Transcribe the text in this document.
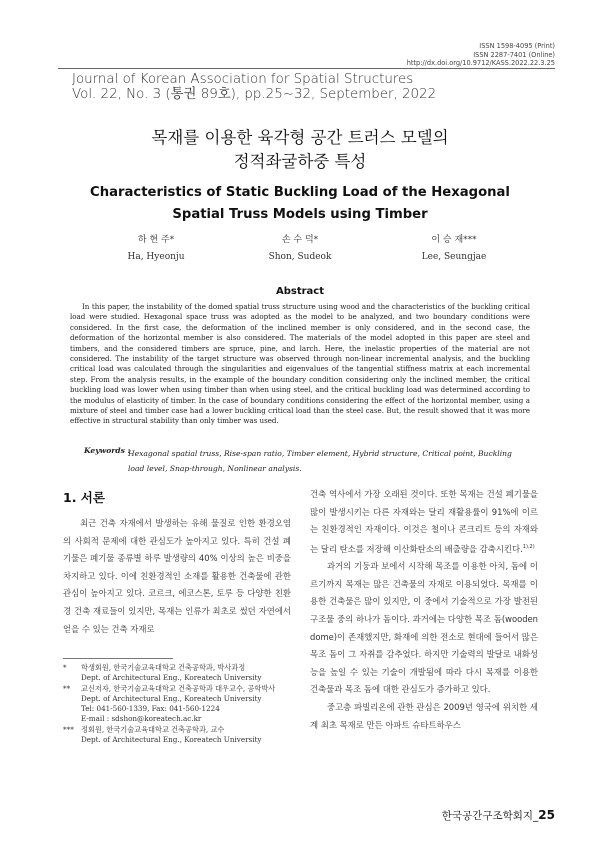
ISSN 1598-4095 (Print)
ISSN 2287-7401 (Online)
http://dx.doi.org/10.9712/KASS.2022.22.3.25
Journal of Korean Association for Spatial Structures
Vol. 22, No. 3 (통권 89호), pp.25~32, September, 2022
목재를 이용한 육각형 공간 트러스 모델의
정적좌굴하중 특성
Characteristics of Static Buckling Load of the Hexagonal
Spatial Truss Models using Timber
하 현 주*
Ha, Hyeonju
손 수 덕*
Shon, Sudeok
이 승 재***
Lee, Seungjae
Abstract
In this paper, the instability of the domed spatial truss structure using wood and the characteristics of the buckling critical load were studied. Hexagonal space truss was adopted as the model to be analyzed, and two boundary conditions were considered. In the first case, the deformation of the inclined member is only considered, and in the second case, the deformation of the horizontal member is also considered. The materials of the model adopted in this paper are steel and timbers, and the considered timbers are spruce, pine, and larch. Here, the inelastic properties of the material are not considered. The instability of the target structure was observed through non-linear incremental analysis, and the buckling critical load was calculated through the singularities and eigenvalues of the tangential stiffness matrix at each incremental step. From the analysis results, in the example of the boundary condition considering only the inclined member, the critical buckling load was lower when using timber than when using steel, and the critical buckling load was determined according to the modulus of elasticity of timber. In the case of boundary conditions considering the effect of the horizontal member, using a mixture of steel and timber case had a lower buckling critical load than the steel case. But, the result showed that it was more effective in structural stability than only timber was used.
Keywords :
Hexagonal spatial truss, Rise-span ratio, Timber element, Hybrid structure, Critical point, Buckling load level, Snap-through, Nonlinear analysis.
1. 서론

최근 건축 자재에서 발생하는 유해 물질로 인한 환경오염의 사회적 문제에 대한 관심도가 높아지고 있다. 특히 건설 폐기물은 폐기물 종류별 하루 발생량의 40% 이상의 높은 비중을 차지하고 있다. 이에 친환경적인 소재를 활용한 건축물에 관한 관심이 높아지고 있다. 코르크, 에코스톤, 토루 등 다양한 친환경 건축 재료들이 있지만, 목재는 인류가 최초로 썼던 자연에서 얻을 수 있는 건축 자재로

건축 역사에서 가장 오래된 것이다. 또한 목재는 건설 폐기물을 많이 발생시키는 다른 자재와는 달리 재활용률이 91%에 이르는 친환경적인 자재이다. 이것은 철이나 콘크리트 등의 자재와는 달리 탄소를 저장해 이산화탄소의 배출량을 감축시킨다.$^{1),2)}$

과거의 기둥과 보에서 시작해 목조를 이용한 아치, 돔에 이르기까지 목재는 많은 건축물의 자재로 이용되었다. 목재를 이용한 건축물은 많이 있지만, 이 중에서 기술적으로 가장 발전된 구조물 중의 하나가 돔이다. 과거에는 다양한 목조 돔(wooden dome)이 존재했지만, 화재에 의한 전소로 현대에 들어서 많은 목조 돔이 그 자취를 감추었다. 하지만 기술력의 발달로 내화성능을 높일 수 있는 기술이 개발됨에 따라 다시 목재를 이용한 건축물과 목조 돔에 대한 관심도가 증가하고 있다.

중고층 파빌리온에 관한 관심은 2009년 영국에 위치한 세계 최초 목재로 만든 아파트 슈타트하우스

*	학생회원, 한국기술교육대학교 건축공학과, 박사과정
Dept. of Architectural Eng., Koreatech University
**	교신저자, 한국기술교육대학교 건축공학과 대우교수, 공학박사
Dept. of Architectural Eng., Koreatech University
Tel: 041-560-1339, Fax: 041-560-1224
E-mail : sdshon@koreatech.ac.kr
***	정회원, 한국기술교육대학교 건축공학과, 교수
Dept. of Architectural Eng., Koreatech University
한국공간구조학회지_25
